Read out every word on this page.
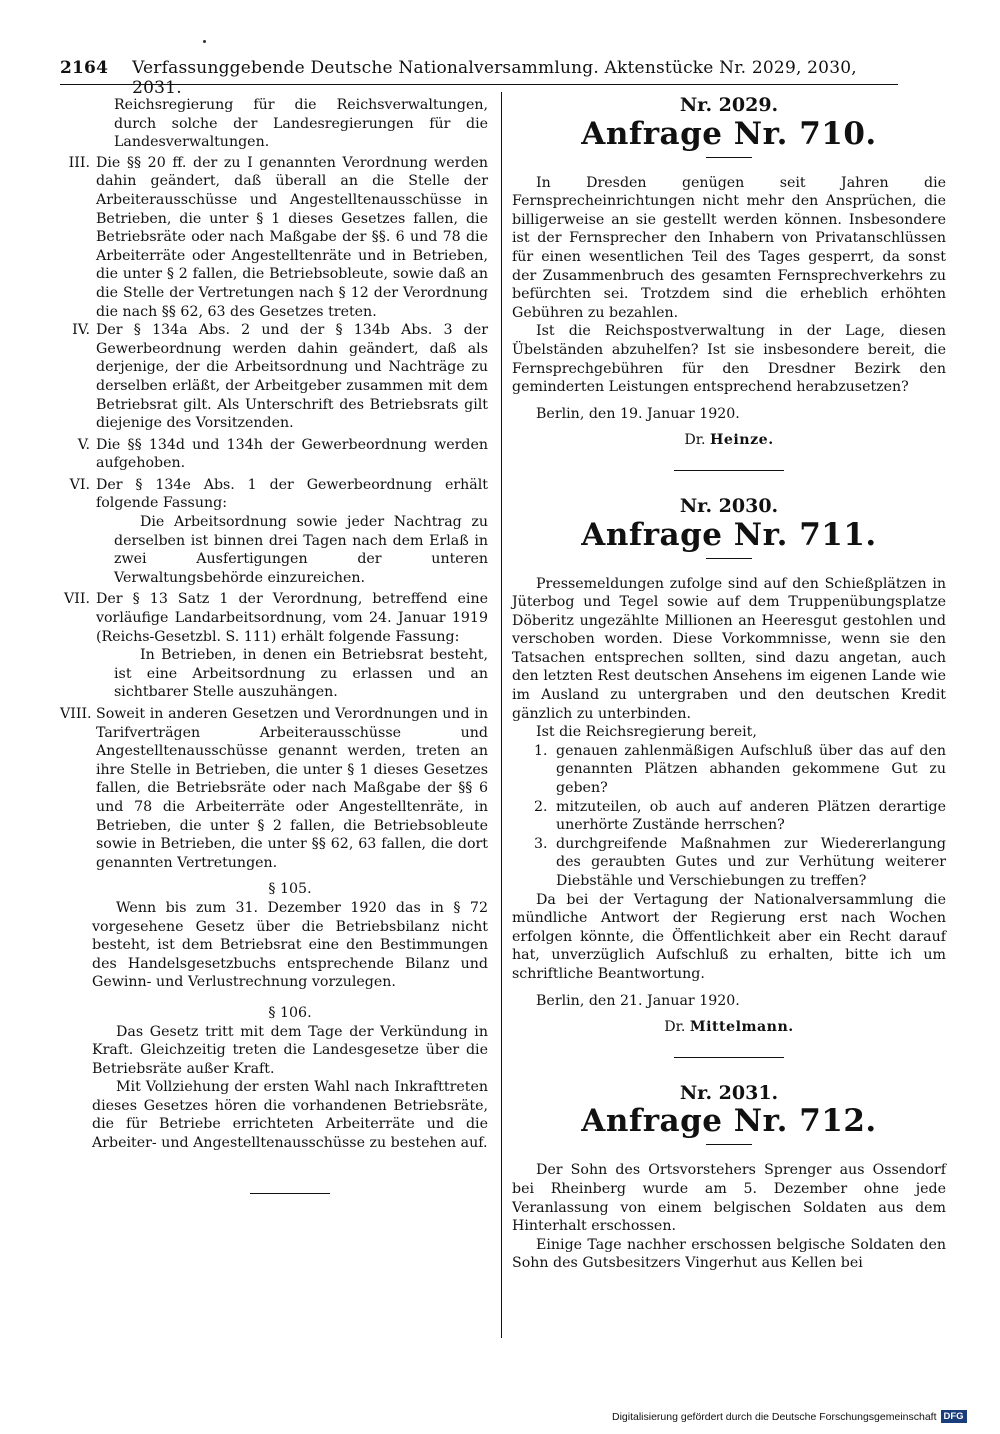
2164 Verfassunggebende Deutsche Nationalversammlung. Aktenstücke Nr. 2029, 2030, 2031.

Reichsregierung für die Reichsverwaltungen, durch solche der Landesregierungen für die Landesverwaltungen.

III. Die §§ 20 ff. der zu I genannten Verordnung werden dahin geändert, daß überall an die Stelle der Arbeiterausschüsse und Angestelltenausschüsse in Betrieben, die unter § 1 dieses Gesetzes fallen, die Betriebsräte oder nach Maßgabe der §§. 6 und 78 die Arbeiterräte oder Angestelltenräte und in Betrieben, die unter § 2 fallen, die Betriebsobleute, sowie daß an die Stelle der Vertretungen nach § 12 der Verordnung die nach §§ 62, 63 des Gesetzes treten.

IV. Der § 134a Abs. 2 und der § 134b Abs. 3 der Gewerbeordnung werden dahin geändert, daß als derjenige, der die Arbeitsordnung und Nachträge zu derselben erläßt, der Arbeitgeber zusammen mit dem Betriebsrat gilt. Als Unterschrift des Betriebsrats gilt diejenige des Vorsitzenden.

V. Die §§ 134d und 134h der Gewerbeordnung werden aufgehoben.

VI. Der § 134e Abs. 1 der Gewerbeordnung erhält folgende Fassung:

Die Arbeitsordnung sowie jeder Nachtrag zu derselben ist binnen drei Tagen nach dem Erlaß in zwei Ausfertigungen der unteren Verwaltungsbehörde einzureichen.

VII. Der § 13 Satz 1 der Verordnung, betreffend eine vorläufige Landarbeitsordnung, vom 24. Januar 1919 (Reichs-Gesetzbl. S. 111) erhält folgende Fassung:

In Betrieben, in denen ein Betriebsrat besteht, ist eine Arbeitsordnung zu erlassen und an sichtbarer Stelle auszuhängen.

VIII. Soweit in anderen Gesetzen und Verordnungen und in Tarifverträgen Arbeiterausschüsse und Angestelltenausschüsse genannt werden, treten an ihre Stelle in Betrieben, die unter § 1 dieses Gesetzes fallen, die Betriebsräte oder nach Maßgabe der §§ 6 und 78 die Arbeiterräte oder Angestelltenräte, in Betrieben, die unter § 2 fallen, die Betriebsobleute sowie in Betrieben, die unter §§ 62, 63 fallen, die dort genannten Vertretungen.

§ 105.

Wenn bis zum 31. Dezember 1920 das in § 72 vorgesehene Gesetz über die Betriebsbilanz nicht besteht, ist dem Betriebsrat eine den Bestimmungen des Handelsgesetzbuchs entsprechende Bilanz und Gewinn- und Verlustrechnung vorzulegen.

§ 106.

Das Gesetz tritt mit dem Tage der Verkündung in Kraft. Gleichzeitig treten die Landesgesetze über die Betriebsräte außer Kraft.

Mit Vollziehung der ersten Wahl nach Inkrafttreten dieses Gesetzes hören die vorhandenen Betriebsräte, die für Betriebe errichteten Arbeiterräte und die Arbeiter- und Angestelltenausschüsse zu bestehen auf.

Nr. 2029.

Anfrage Nr. 710.

In Dresden genügen seit Jahren die Fernsprecheinrichtungen nicht mehr den Ansprüchen, die billigerweise an sie gestellt werden können. Insbesondere ist der Fernsprecher den Inhabern von Privatanschlüssen für einen wesentlichen Teil des Tages gesperrt, da sonst der Zusammenbruch des gesamten Fernsprechverkehrs zu befürchten sei. Trotzdem sind die erheblich erhöhten Gebühren zu bezahlen.

Ist die Reichspostverwaltung in der Lage, diesen Übelständen abzuhelfen? Ist sie insbesondere bereit, die Fernsprechgebühren für den Dresdner Bezirk den geminderten Leistungen entsprechend herabzusetzen?

Berlin, den 19. Januar 1920.

Dr. Heinze.

Nr. 2030.

Anfrage Nr. 711.

Pressemeldungen zufolge sind auf den Schießplätzen in Jüterbog und Tegel sowie auf dem Truppenübungsplatze Döberitz ungezählte Millionen an Heeresgut gestohlen und verschoben worden. Diese Vorkommnisse, wenn sie den Tatsachen entsprechen sollten, sind dazu angetan, auch den letzten Rest deutschen Ansehens im eigenen Lande wie im Ausland zu untergraben und den deutschen Kredit gänzlich zu unterbinden.

Ist die Reichsregierung bereit,

1. genauen zahlenmäßigen Aufschluß über das auf den genannten Plätzen abhanden gekommene Gut zu geben?
2. mitzuteilen, ob auch auf anderen Plätzen derartige unerhörte Zustände herrschen?
3. durchgreifende Maßnahmen zur Wiedererlangung des geraubten Gutes und zur Verhütung weiterer Diebstähle und Verschiebungen zu treffen?

Da bei der Vertagung der Nationalversammlung die mündliche Antwort der Regierung erst nach Wochen erfolgen könnte, die Öffentlichkeit aber ein Recht darauf hat, unverzüglich Aufschluß zu erhalten, bitte ich um schriftliche Beantwortung.

Berlin, den 21. Januar 1920.

Dr. Mittelmann.

Nr. 2031.

Anfrage Nr. 712.

Der Sohn des Ortsvorstehers Sprenger aus Ossendorf bei Rheinberg wurde am 5. Dezember ohne jede Veranlassung von einem belgischen Soldaten aus dem Hinterhalt erschossen.

Einige Tage nachher erschossen belgische Soldaten den Sohn des Gutsbesitzers Vingerhut aus Kellen bei

Digitalisierung gefördert durch die Deutsche Forschungsgemeinschaft DFG
